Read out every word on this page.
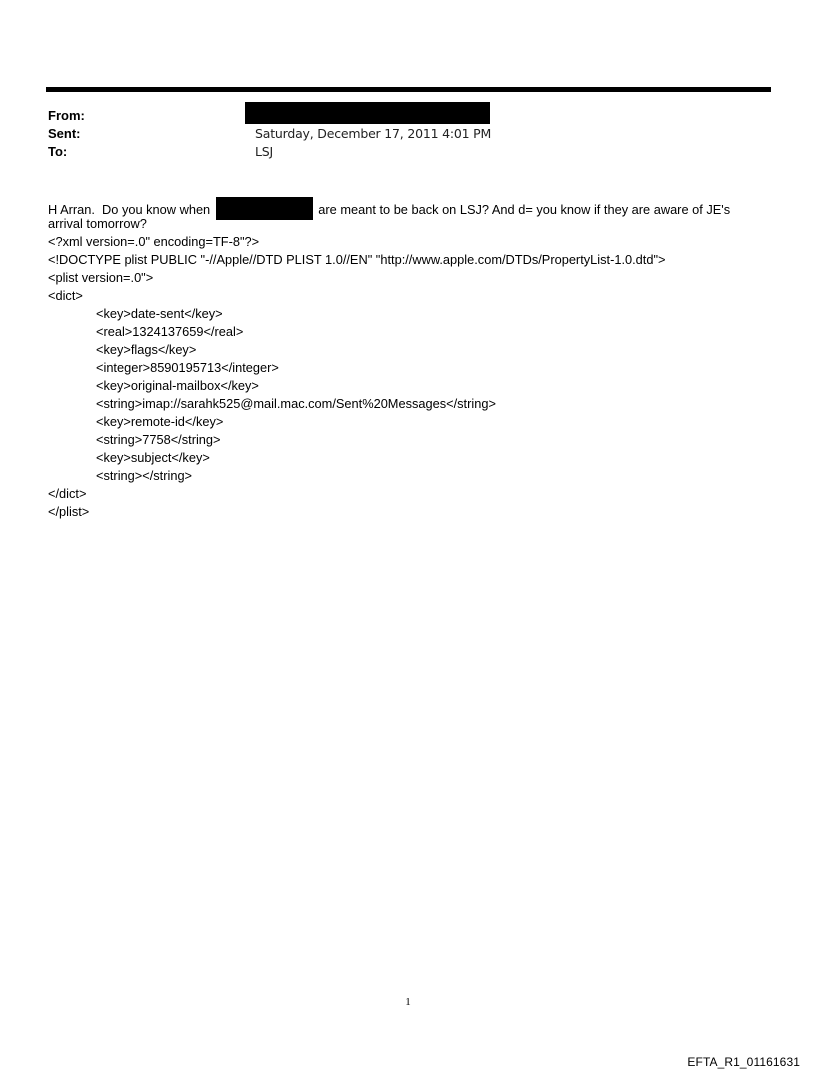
From:
Sent:	Saturday, December 17, 2011 4:01 PM
To:	LSJ
H Arran.  Do you know when	are meant to be back on LSJ? And d= you know if they are aware of JE's
arrival tomorrow?
<?xml version=.0" encoding=TF-8"?>
<!DOCTYPE plist PUBLIC "-//Apple//DTD PLIST 1.0//EN" "http://www.apple.com/DTDs/PropertyList-1.0.dtd">
<plist version=.0">
<dict>
<key>date-sent</key>
<real>1324137659</real>
<key>flags</key>
<integer>8590195713</integer>
<key>original-mailbox</key>
<string>imap://sarahk525@mail.mac.com/Sent%20Messages</string>
<key>remote-id</key>
<string>7758</string>
<key>subject</key>
<string></string>
</dict>
</plist>
1
EFTA_R1_01161631
